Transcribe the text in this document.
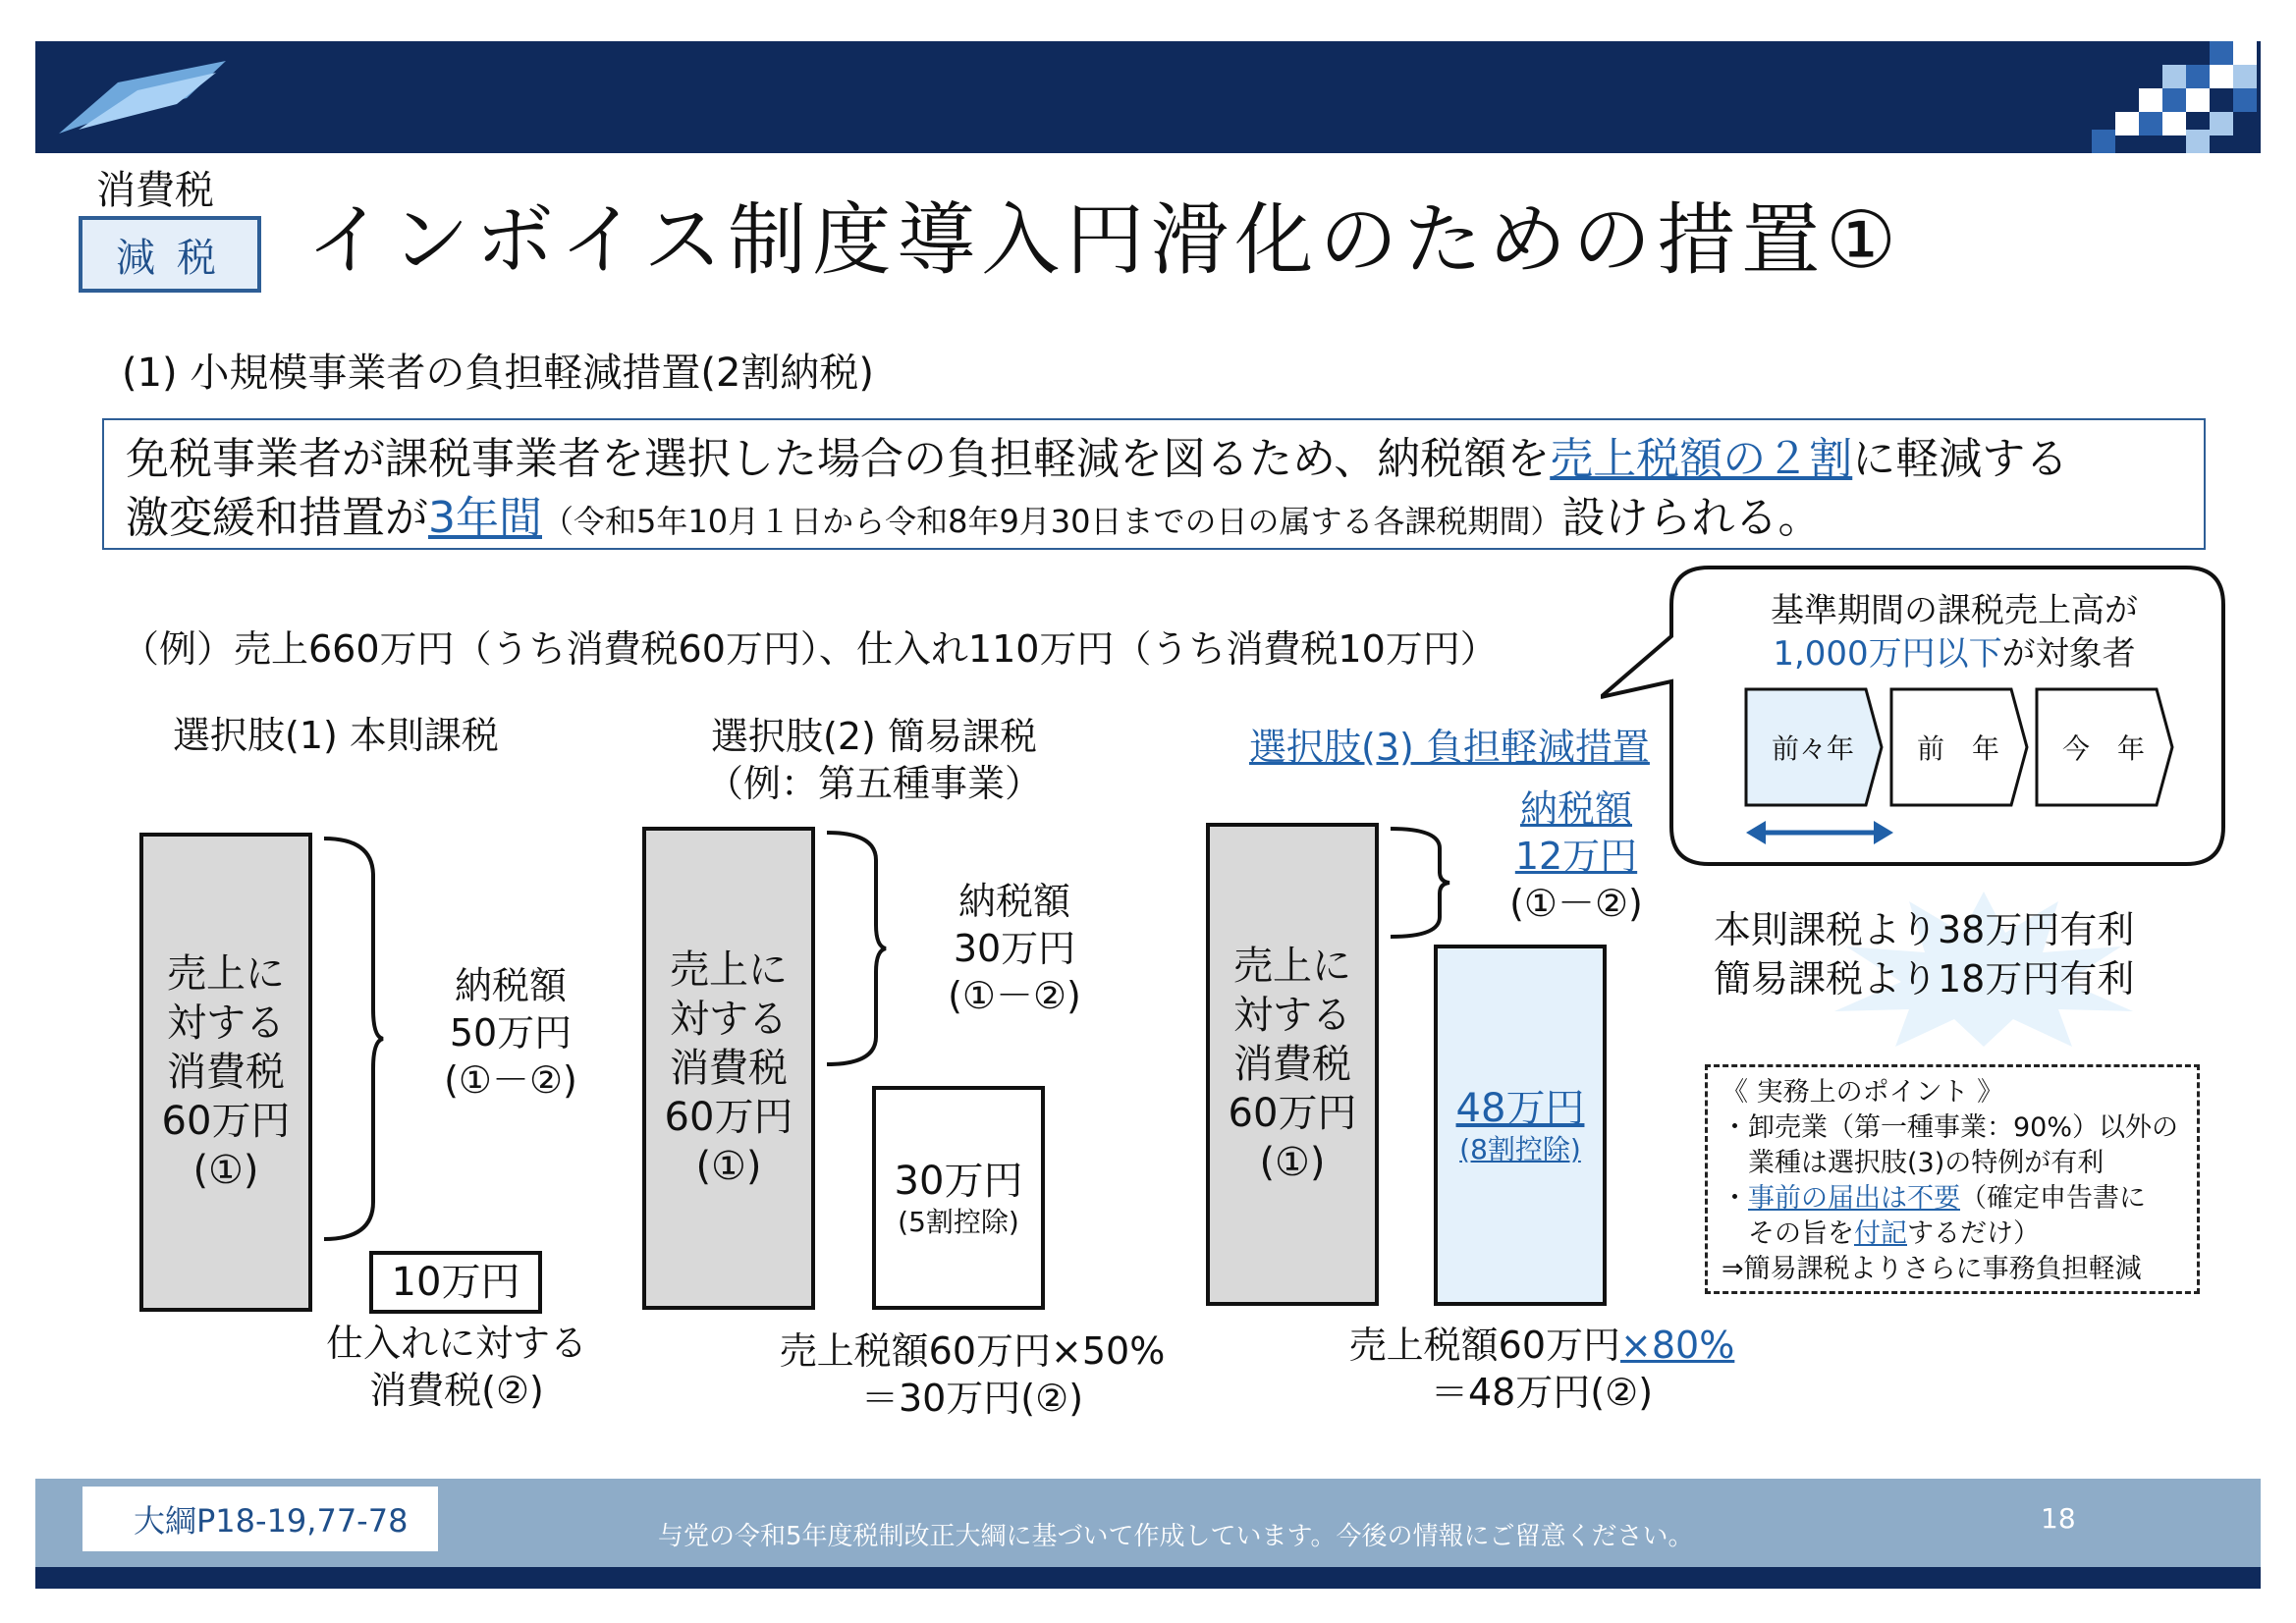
消費税
減税 インボイス制度導入円滑化のための措置①
(1) 小規模事業者の負担軽減措置(2割納税)
免税事業者が課税事業者を選択した場合の負担軽減を図るため、納税額を売上税額の２割に軽減する
激変緩和措置が3年間（令和5年10月１日から令和8年9月30日までの日の属する各課税期間）設けられる。
（例）売上660万円（うち消費税60万円）、仕入れ110万円（うち消費税10万円）
選択肢(1) 本則課税
売上に
対する
消費税
60万円
(①)
納税額
50万円
(①－②)
10万円
仕入れに対する
消費税(②)
選択肢(2) 簡易課税
（例：第五種事業）
売上に
対する
消費税
60万円
(①)
納税額
30万円
(①－②)
30万円
(5割控除)
売上税額60万円×50%
＝30万円(②)
選択肢(3) 負担軽減措置
売上に
対する
消費税
60万円
(①)
納税額
12万円
(①－②)
48万円
(8割控除)
売上税額60万円×80%
＝48万円(②)
基準期間の課税売上高が
1,000万円以下が対象者
前々年	前　年	今　年
本則課税より38万円有利
簡易課税より18万円有利
《 実務上のポイント 》
・卸売業（第一種事業：90%）以外の
　業種は選択肢(3)の特例が有利
・事前の届出は不要（確定申告書に
　その旨を付記するだけ）
⇒簡易課税よりさらに事務負担軽減
大綱P18-19,77-78	与党の令和5年度税制改正大綱に基づいて作成しています。今後の情報にご留意ください。
18
